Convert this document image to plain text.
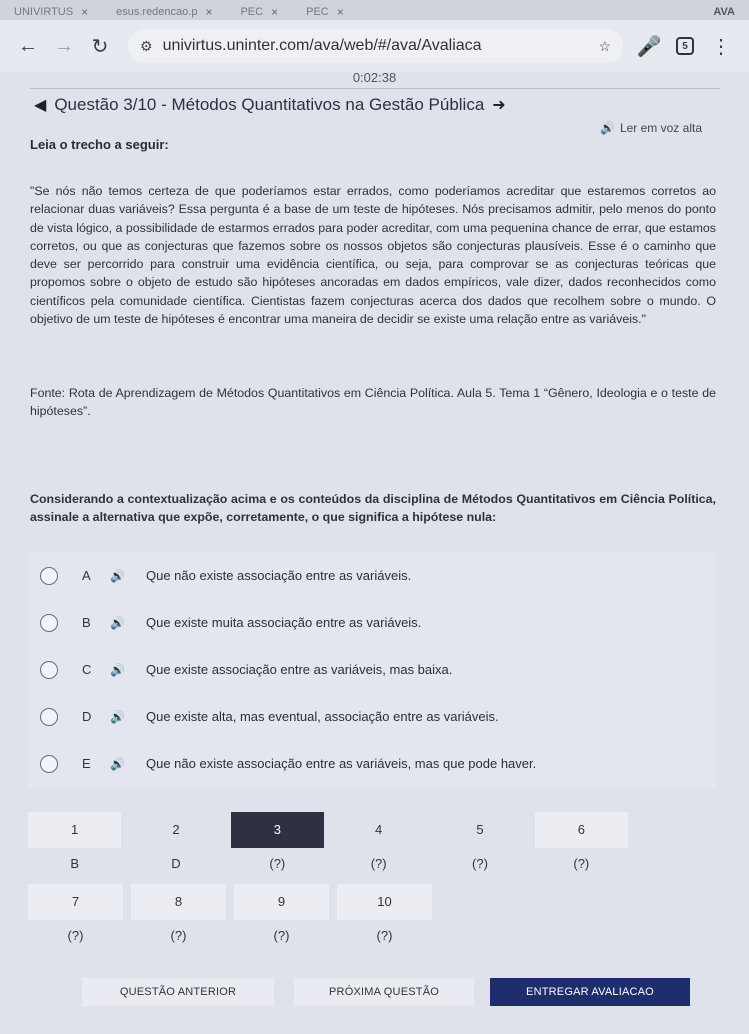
UNIVIRTUS ×	esus.redencao.p ×	PEC ×	PEC ×	AVA
← → ↻	⚙ univirtus.uninter.com/ava/web/#/ava/Avaliaca	☆ 🎤	5	⋮
0:02:38
◀ Questão 3/10 - Métodos Quantitativos na Gestão Pública ➜
🔊 Ler em voz alta
Leia o trecho a seguir:
"Se nós não temos certeza de que poderíamos estar errados, como poderíamos acreditar que estaremos corretos ao relacionar duas variáveis? Essa pergunta é a base de um teste de hipóteses. Nós precisamos admitir, pelo menos do ponto de vista lógico, a possibilidade de estarmos errados para poder acreditar, com uma pequenina chance de errar, que estamos corretos, ou que as conjecturas que fazemos sobre os nossos objetos são conjecturas plausíveis. Esse é o caminho que deve ser percorrido para construir uma evidência científica, ou seja, para comprovar se as conjecturas teóricas que propomos sobre o objeto de estudo são hipóteses ancoradas em dados empíricos, vale dizer, dados reconhecidos como científicos pela comunidade científica. Cientistas fazem conjecturas acerca dos dados que recolhem sobre o mundo. O objetivo de um teste de hipóteses é encontrar uma maneira de decidir se existe uma relação entre as variáveis."
Fonte: Rota de Aprendizagem de Métodos Quantitativos em Ciência Política. Aula 5. Tema 1 “Gênero, Ideologia e o teste de hipóteses”.
Considerando a contextualização acima e os conteúdos da disciplina de Métodos Quantitativos em Ciência Política, assinale a alternativa que expõe, corretamente, o que significa a hipótese nula:
A	🔊	Que não existe associação entre as variáveis.
B	🔊	Que existe muita associação entre as variáveis.
C	🔊	Que existe associação entre as variáveis, mas baixa.
D	🔊	Que existe alta, mas eventual, associação entre as variáveis.
E	🔊	Que não existe associação entre as variáveis, mas que pode haver.
1
B
2
D
3
(?)
4
(?)
5
(?)
6
(?)
7
(?)
8
(?)
9
(?)
10
(?)
QUESTÃO ANTERIOR	PRÓXIMA QUESTÃO	ENTREGAR AVALIACAO
